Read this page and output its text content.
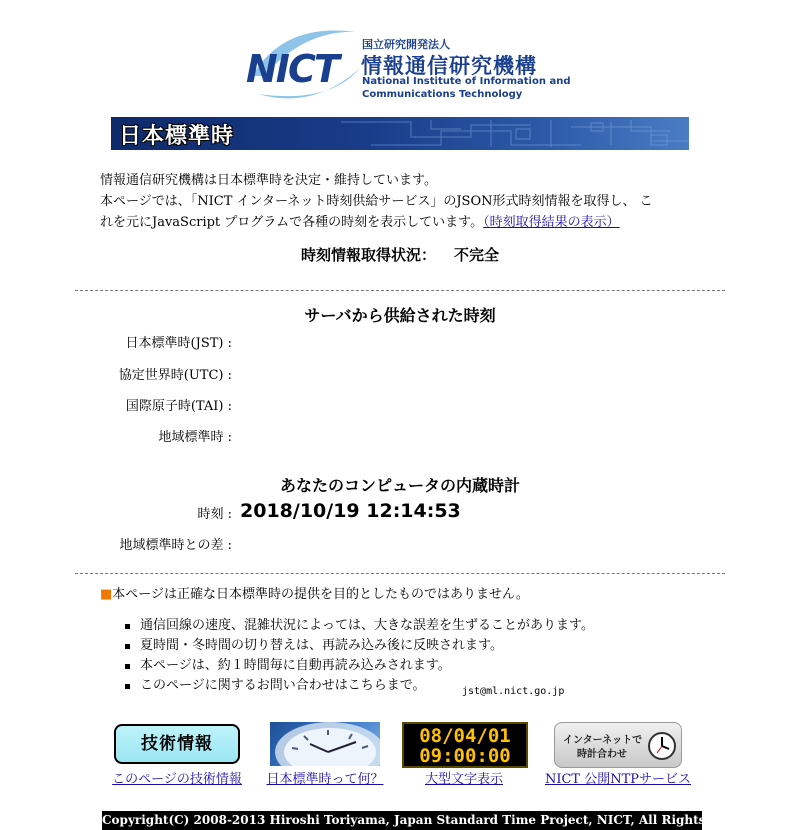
NICT
国立研究開発法人
情報通信研究機構
National Institute of Information and
Communications Technology
日本標準時

情報通信研究機構は日本標準時を決定・維持しています。

本ページでは、「NICT インターネット時刻供給サービス」のJSON形式時刻情報を取得し、 こ

れを元にJavaScript プログラムで各種の時刻を表示しています。（時刻取得結果の表示）

時刻情報取得状況： 不完全
サーバから供給された時刻
日本標準時(JST) :
協定世界時(UTC) :
国際原子時(TAI) :
地域標準時 :
あなたのコンピュータの内蔵時計
時刻 : 2018/10/19 12:14:53
地域標準時との差 :
■本ページは正確な日本標準時の提供を目的としたものではありません。
通信回線の速度、混雑状況によっては、大きな誤差を生ずることがあります。
夏時間・冬時間の切り替えは、再読み込み後に反映されます。
本ページは、約１時間毎に自動再読み込みされます。
このページに関するお問い合わせはこちらまで。	jst@ml.nict.go.jp
技術情報	08/04/01
09:00:00
インターネットで
時計合わせ
このページの技術情報	日本標準時って何？	大型文字表示	NICT 公開NTPサービス
Copyright(C) 2008-2013 Hiroshi Toriyama, Japan Standard Time Project, NICT, All Rights Reserved.
